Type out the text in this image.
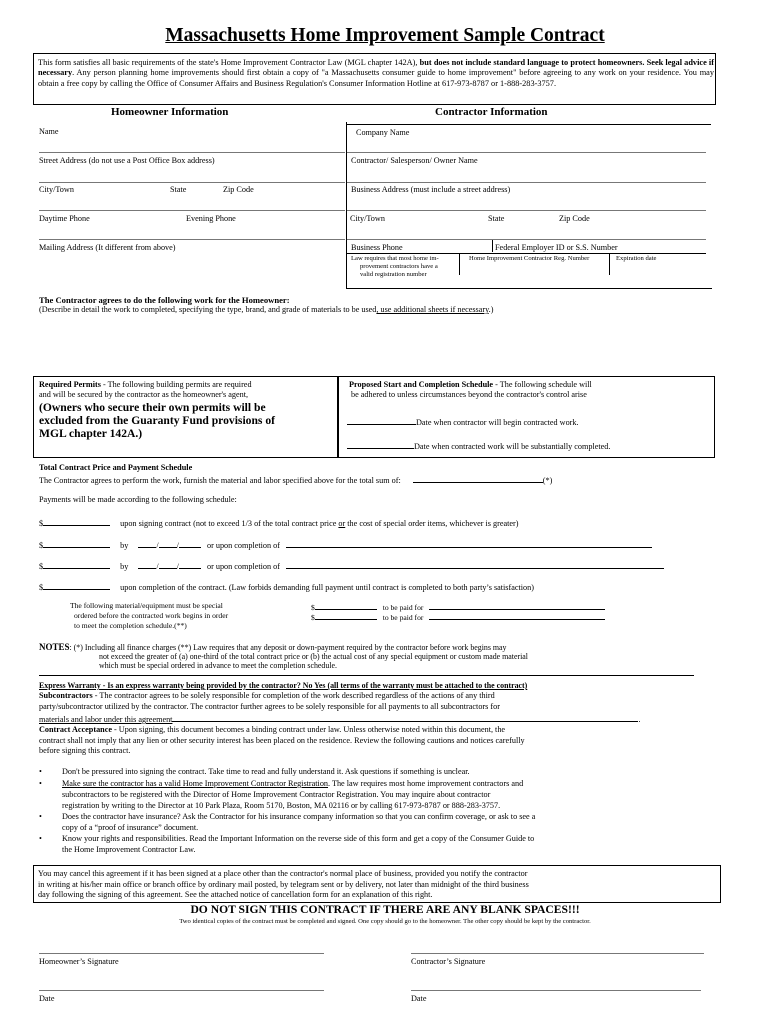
Massachusetts Home Improvement Sample Contract
This form satisfies all basic requirements of the state's Home Improvement Contractor Law (MGL chapter 142A), but does not include standard language to protect homeowners. Seek legal advice if necessary. Any person planning home improvements should first obtain a copy of "a Massachusetts consumer guide to home improvement" before agreeing to any work on your residence. You may obtain a free copy by calling the Office of Consumer Affairs and Business Regulation's Consumer Information Hotline at 617-973-8787 or 1-888-283-3757.
Homeowner Information	Contractor Information
Name
Street Address (do not use a Post Office Box address)
City/Town	State	Zip Code
Daytime Phone	Evening Phone
Mailing Address (It different from above)
Company Name
Contractor/ Salesperson/ Owner Name
Business Address (must include a street address)
City/Town	State	Zip Code
Business Phone	Federal Employer ID or S.S. Number
Law requires that most home im-
provement contractors have a
valid registration number
Home Improvement Contractor Reg. Number	Expiration date
The Contractor agrees to do the following work for the Homeowner:
(Describe in detail the work to completed, specifying the type, brand, and grade of materials to be used, use additional sheets if necessary.)
Required Permits - The following building permits are required
and will be secured by the contractor as the homeowner's agent,
(Owners who secure their own permits will be
excluded from the Guaranty Fund provisions of
MGL chapter 142A.)
Proposed Start and Completion Schedule - The following schedule will
be adhered to unless circumstances beyond the contractor's control arise
Date when contractor will begin contracted work.
Date when contracted work will be substantially completed.
Total Contract Price and Payment Schedule
The Contractor agrees to perform the work, furnish the material and labor specified above for the total sum of:	(*)
Payments will be made according to the following schedule:
$	upon signing contract (not to exceed 1/3 of the total contract price or the cost of special order items, whichever is greater)
$	by	/ /	or upon completion of
$	by	/ /	or upon completion of
$	upon completion of the contract. (Law forbids demanding full payment until contract is completed to both party’s satisfaction)
The following material/equipment must be special
ordered before the contracted work begins in order
to meet the completion schedule.(**)
$	to be paid for
$	to be paid for
NOTES: (*) Including all finance charges (**) Law requires that any deposit or down-payment required by the contractor before work begins may
not exceed the greater of (a) one-third of the total contract price or (b) the actual cost of any special equipment or custom made material
which must be special ordered in advance to meet the completion schedule.
Express Warranty - Is an express warranty being provided by the contractor? No Yes (all terms of the warranty must be attached to the contract)
Subcontractors - The contractor agrees to be solely responsible for completion of the work described regardless of the actions of any third
party/subcontractor utilized by the contractor. The contractor further agrees to be solely responsible for all payments to all subcontractors for
materials and labor under this agreement	.
Contract Acceptance - Upon signing, this document becomes a binding contract under law. Unless otherwise noted within this document, the
contract shall not imply that any lien or other security interest has been placed on the residence. Review the following cautions and notices carefully
before signing this contract.
• Don't be pressured into signing the contract. Take time to read and fully understand it. Ask questions if something is unclear.
• Make sure the contractor has a valid Home Improvement Contractor Registration. The law requires most home improvement contractors and
subcontractors to be registered with the Director of Home Improvement Contractor Registration. You may inquire about contractor
registration by writing to the Director at 10 Park Plaza, Room 5170, Boston, MA 02116 or by calling 617-973-8787 or 888-283-3757.
• Does the contractor have insurance? Ask the Contractor for his insurance company information so that you can confirm coverage, or ask to see a
copy of a “proof of insurance” document.
• Know your rights and responsibilities. Read the Important Information on the reverse side of this form and get a copy of the Consumer Guide to
the Home Improvement Contractor Law.
You may cancel this agreement if it has been signed at a place other than the contractor's normal place of business, provided you notify the contractor
in writing at his/her main office or branch office by ordinary mail posted, by telegram sent or by delivery, not later than midnight of the third business
day following the signing of this agreement. See the attached notice of cancellation form for an explanation of this right.
DO NOT SIGN THIS CONTRACT IF THERE ARE ANY BLANK SPACES!!!
Two identical copies of the contract must be completed and signed. One copy should go to the homeowner. The other copy should be kept by the contractor.
Homeowner’s Signature	Contractor’s Signature
Date	Date
